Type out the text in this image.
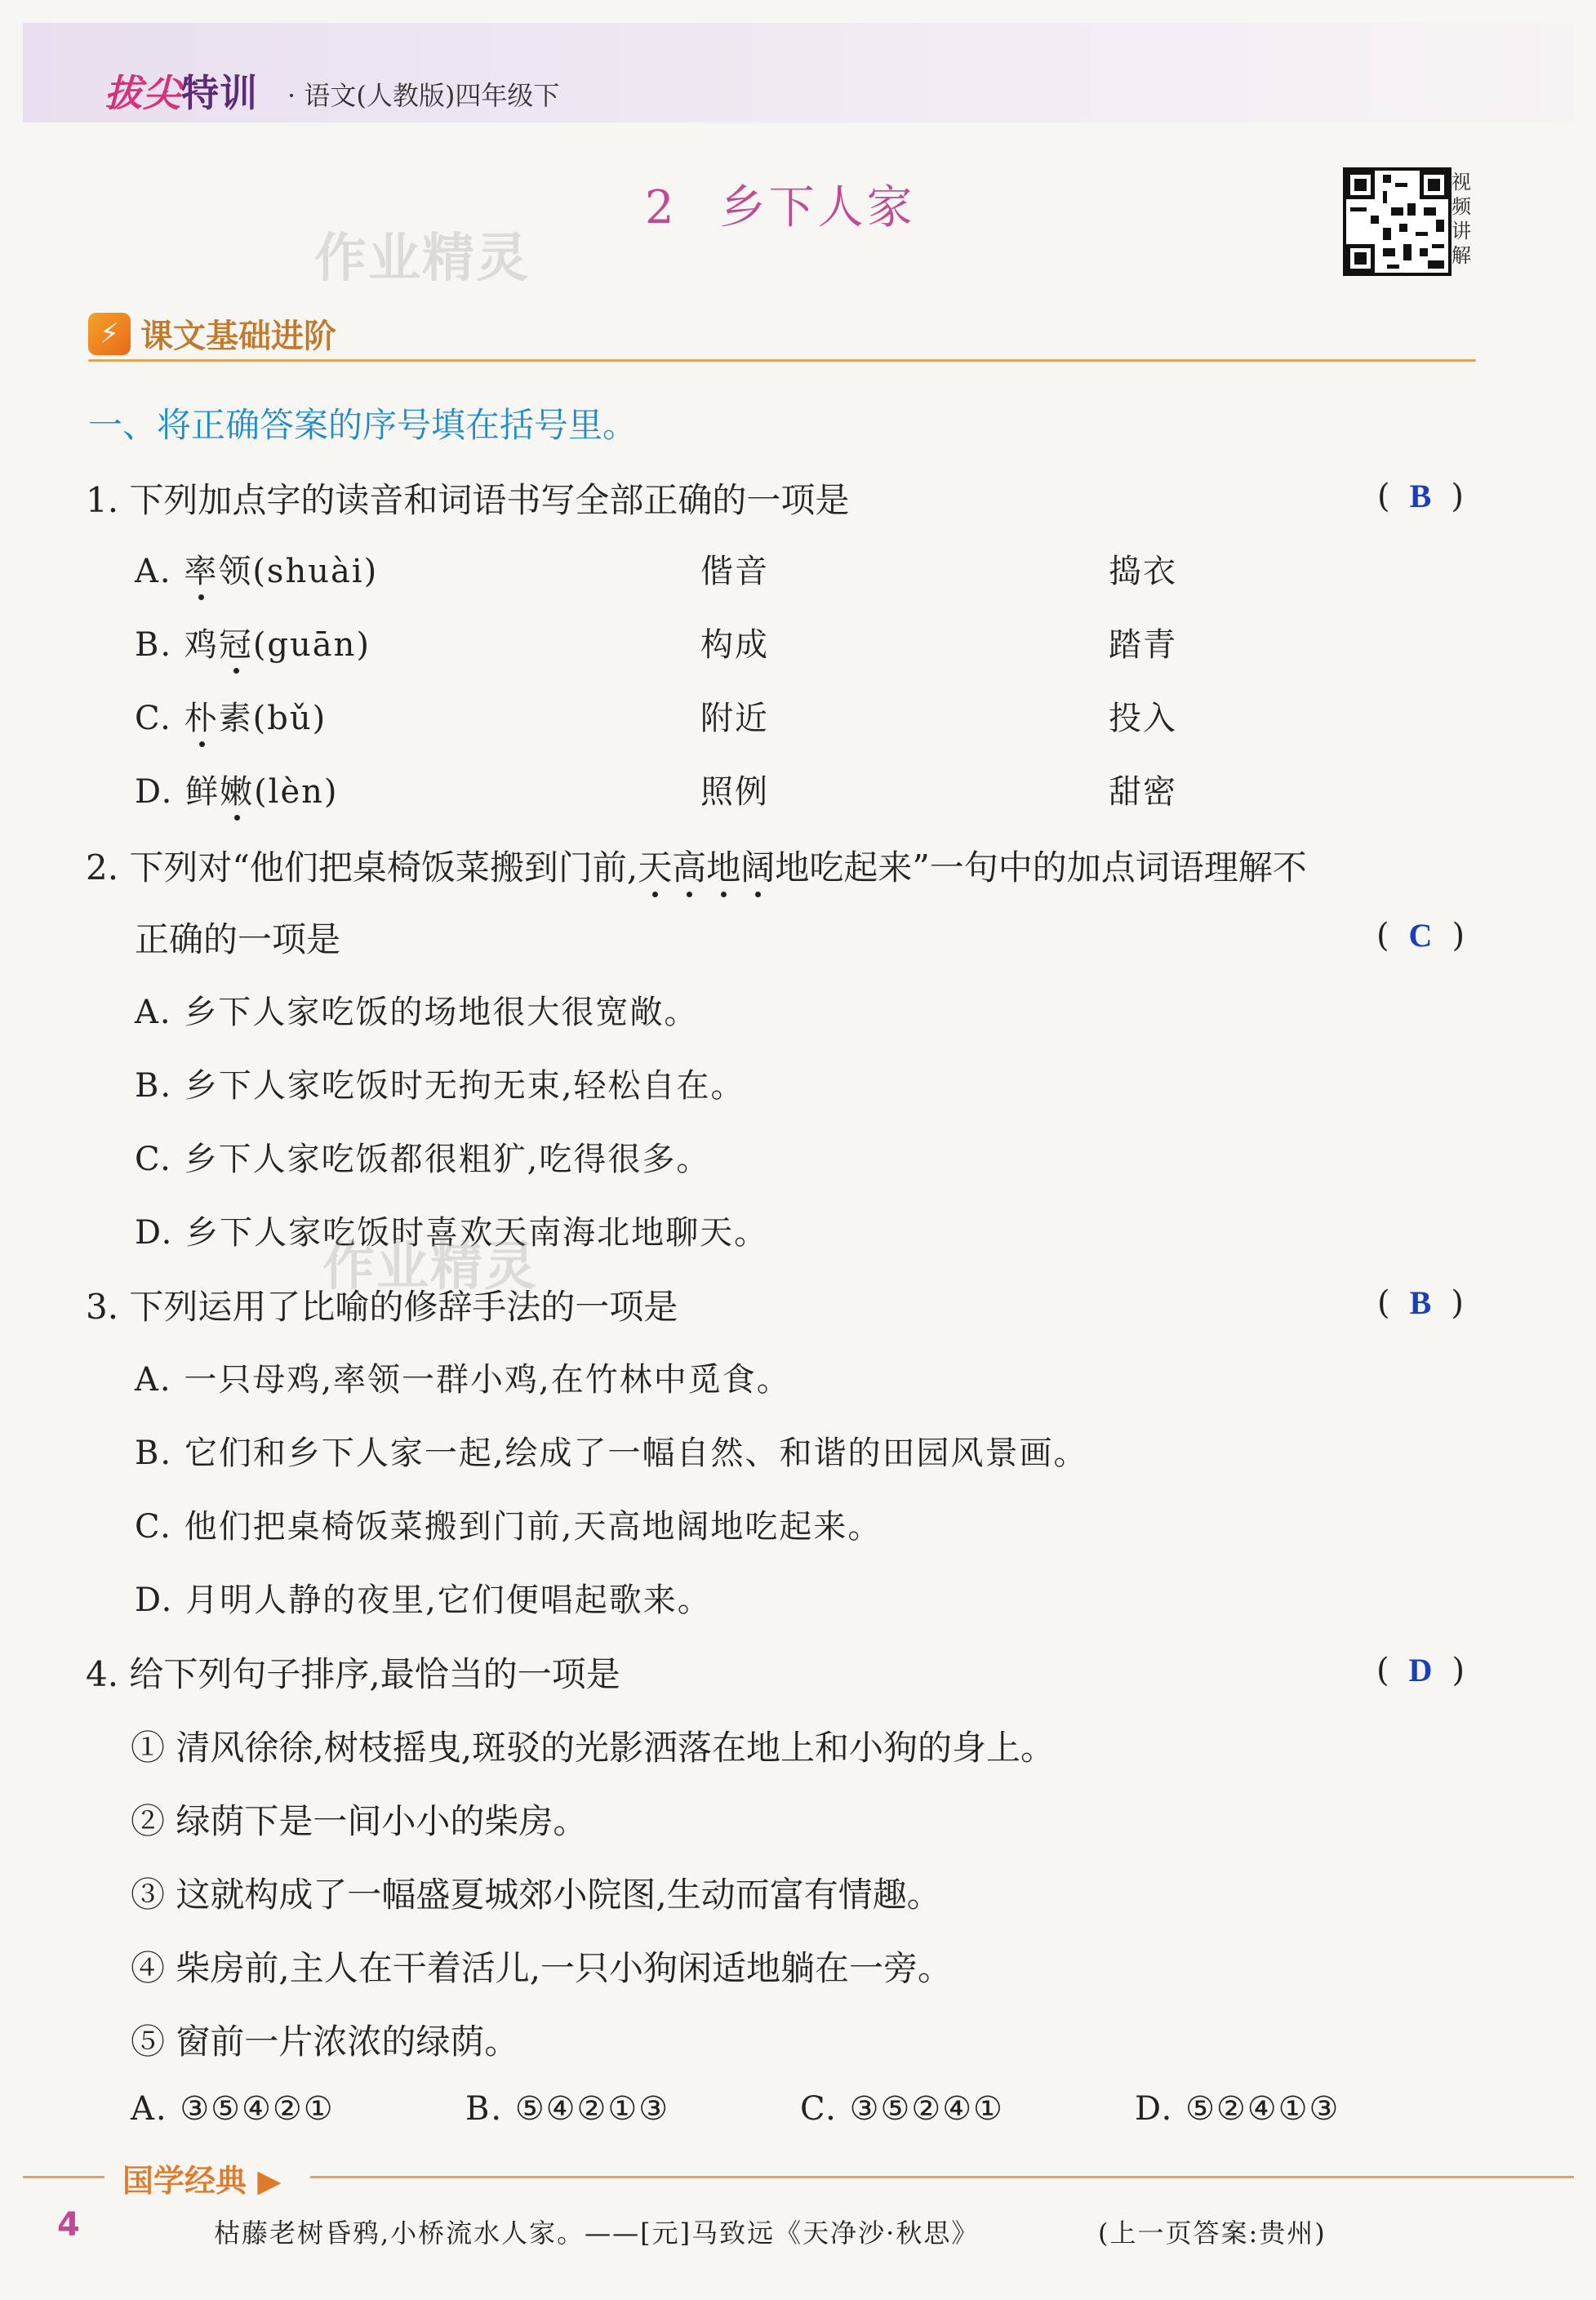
拔尖特训 · 语文(人教版)四年级下
2 乡下人家
作业精灵
视频讲解
⚡ 课文基础进阶
一、将正确答案的序号填在括号里。
1. 下列加点字的读音和词语书写全部正确的一项是	( B )
A. 率领(shuài)	偕音	捣衣
B. 鸡冠(guān)	构成	踏青
C. 朴素(bǔ)	附近	投入
D. 鲜嫩(lèn)	照例	甜密
2. 下列对“他们把桌椅饭菜搬到门前,天高地阔地吃起来”一句中的加点词语理解不
正确的一项是	( C )
A. 乡下人家吃饭的场地很大很宽敞。
B. 乡下人家吃饭时无拘无束,轻松自在。
C. 乡下人家吃饭都很粗犷,吃得很多。
D. 乡下人家吃饭时喜欢天南海北地聊天。
作业精灵
3. 下列运用了比喻的修辞手法的一项是	( B )
A. 一只母鸡,率领一群小鸡,在竹林中觅食。
B. 它们和乡下人家一起,绘成了一幅自然、和谐的田园风景画。
C. 他们把桌椅饭菜搬到门前,天高地阔地吃起来。
D. 月明人静的夜里,它们便唱起歌来。
4. 给下列句子排序,最恰当的一项是	( D )
① 清风徐徐,树枝摇曳,斑驳的光影洒落在地上和小狗的身上。
② 绿荫下是一间小小的柴房。
③ 这就构成了一幅盛夏城郊小院图,生动而富有情趣。
④ 柴房前,主人在干着活儿,一只小狗闲适地躺在一旁。
⑤ 窗前一片浓浓的绿荫。
A. ③⑤④②①	B. ⑤④②①③	C. ③⑤②④①	D. ⑤②④①③
国学经典 ▶
4	枯藤老树昏鸦,小桥流水人家。——[元]马致远《天净沙·秋思》	(上一页答案:贵州)
